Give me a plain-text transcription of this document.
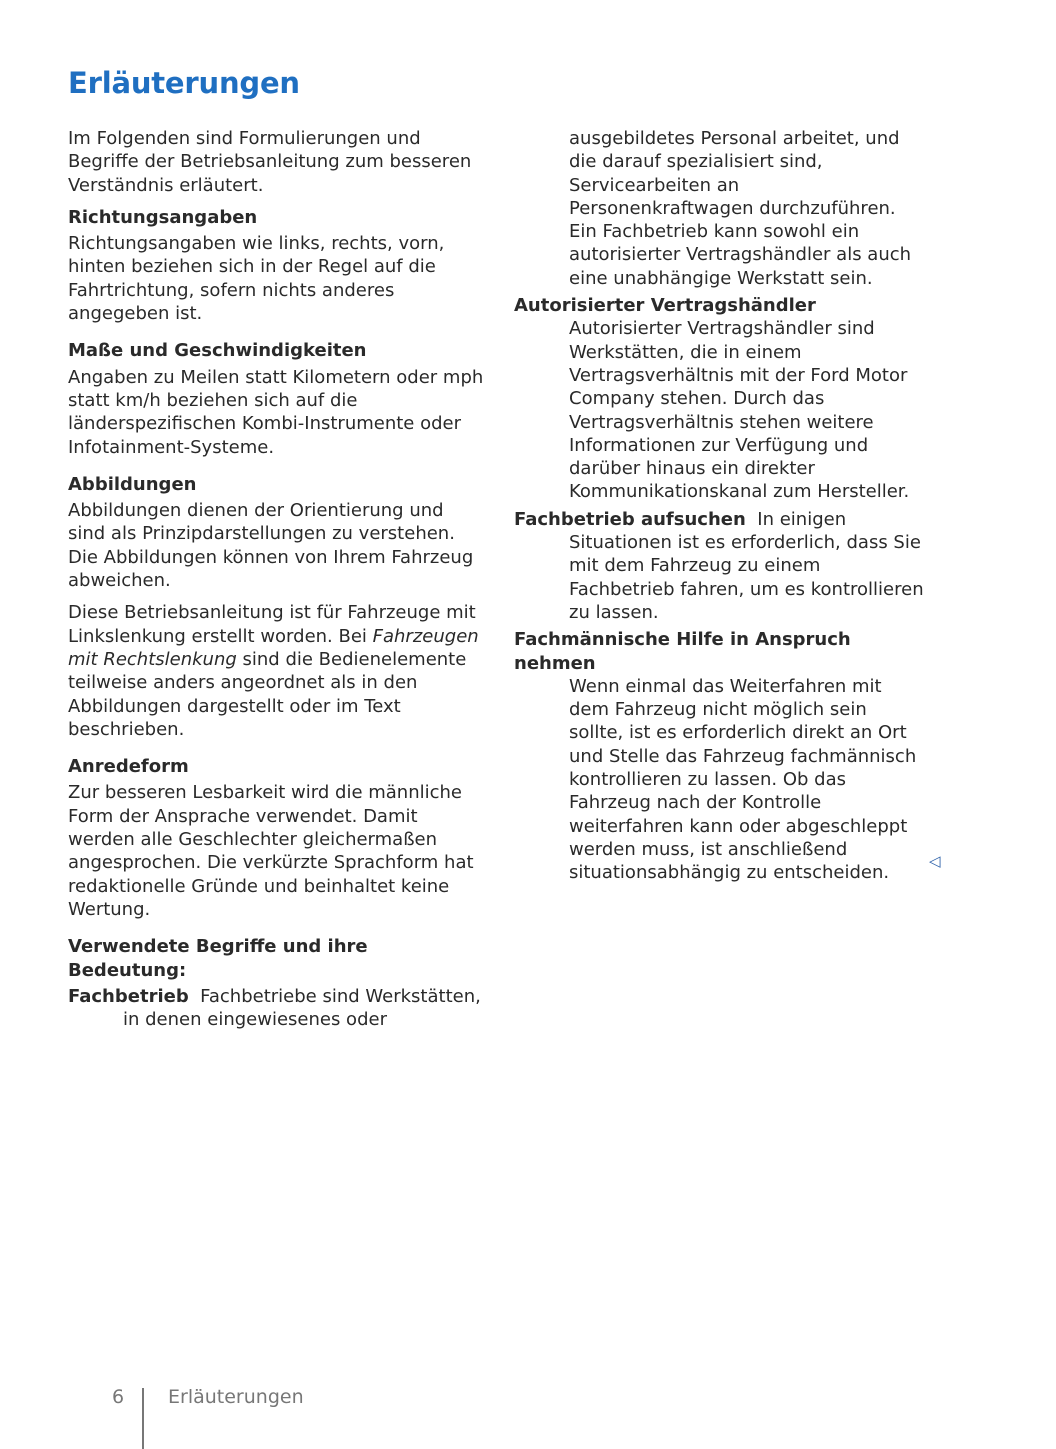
Erläuterungen

Im Folgenden sind Formulierungen und Begriffe der Betriebsanleitung zum besseren Verständnis erläutert.

Richtungsangaben

Richtungsangaben wie links, rechts, vorn, hinten beziehen sich in der Regel auf die Fahrtrichtung, sofern nichts anderes angegeben ist.

Maße und Geschwindigkeiten

Angaben zu Meilen statt Kilometern oder mph statt km/h beziehen sich auf die länderspezifischen Kombi-Instrumente oder Infotainment-Systeme.

Abbildungen

Abbildungen dienen der Orientierung und sind als Prinzipdarstellungen zu verstehen. Die Abbildungen können von Ihrem Fahrzeug abweichen.

Diese Betriebsanleitung ist für Fahrzeuge mit Linkslenkung erstellt worden. Bei Fahrzeugen mit Rechtslenkung sind die Bedienelemente teilweise anders angeordnet als in den Abbildungen dargestellt oder im Text beschrieben.

Anredeform

Zur besseren Lesbarkeit wird die männliche Form der Ansprache verwendet. Damit werden alle Geschlechter gleichermaßen angesprochen. Die verkürzte Sprachform hat redaktionelle Gründe und beinhaltet keine Wertung.

Verwendete Begriffe und ihre Bedeutung:

Fachbetrieb Fachbetriebe sind Werkstätten, in denen eingewiesenes oder

ausgebildetes Personal arbeitet, und die darauf spezialisiert sind, Servicearbeiten an Personenkraftwagen durchzuführen. Ein Fachbetrieb kann sowohl ein autorisierter Vertragshändler als auch eine unabhängige Werkstatt sein.

Autorisierter Vertragshändler  Autorisierter Vertragshändler sind Werkstätten, die in einem Vertragsverhältnis mit der Ford Motor Company stehen. Durch das Vertragsverhältnis stehen weitere Informationen zur Verfügung und darüber hinaus ein direkter Kommunikationskanal zum Hersteller.

Fachbetrieb aufsuchen In einigen Situationen ist es erforderlich, dass Sie mit dem Fahrzeug zu einem Fachbetrieb fahren, um es kontrollieren zu lassen.

Fachmännische Hilfe in Anspruch nehmen

Wenn einmal das Weiterfahren mit dem Fahrzeug nicht möglich sein sollte, ist es erforderlich direkt an Ort und Stelle das Fahrzeug fachmännisch kontrollieren zu lassen. Ob das Fahrzeug nach der Kontrolle weiterfahren kann oder abgeschleppt werden muss, ist anschließend situationsabhängig zu entscheiden.

◁
6 Erläuterungen
